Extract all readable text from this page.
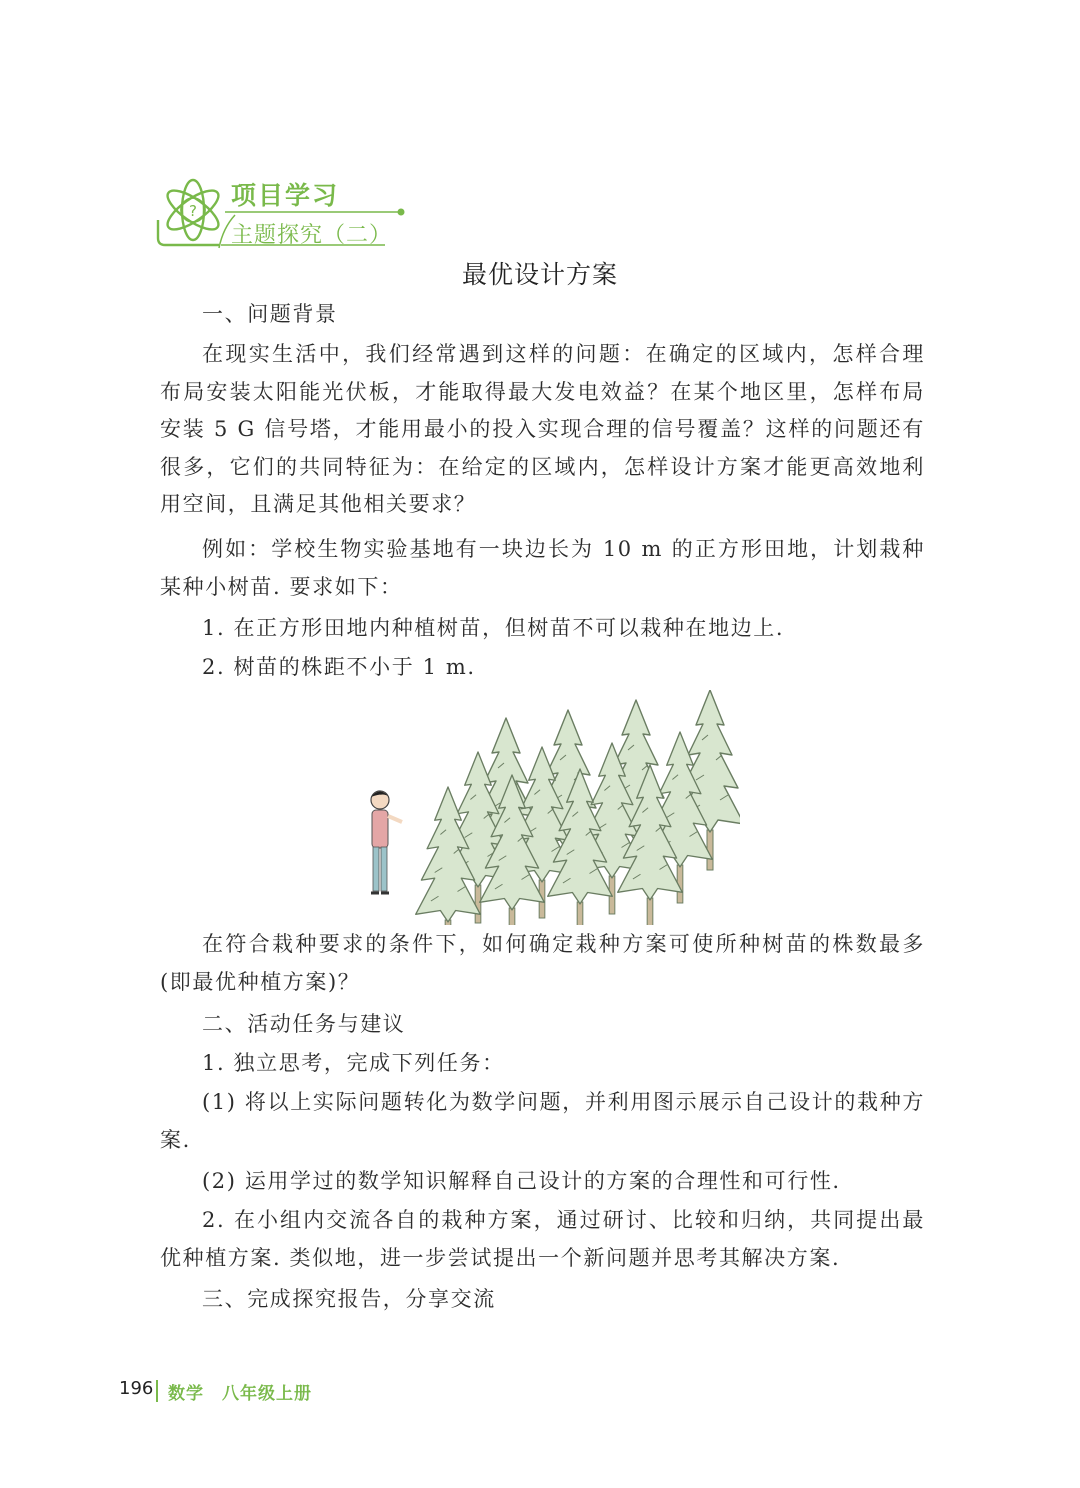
?
项目学习
主题探究（二）
最优设计方案
一、问题背景
在现实生活中，我们经常遇到这样的问题：在确定的区域内，怎样合理布局安装太阳能光伏板，才能取得最大发电效益？在某个地区里，怎样布局安装 5 G 信号塔，才能用最小的投入实现合理的信号覆盖？这样的问题还有很多，它们的共同特征为：在给定的区域内，怎样设计方案才能更高效地利用空间，且满足其他相关要求？
例如：学校生物实验基地有一块边长为 10 m 的正方形田地，计划栽种某种小树苗. 要求如下：
1. 在正方形田地内种植树苗，但树苗不可以栽种在地边上.
2. 树苗的株距不小于 1 m.
在符合栽种要求的条件下，如何确定栽种方案可使所种树苗的株数最多(即最优种植方案)？
二、活动任务与建议
1. 独立思考，完成下列任务：
(1) 将以上实际问题转化为数学问题，并利用图示展示自己设计的栽种方案.
(2) 运用学过的数学知识解释自己设计的方案的合理性和可行性.
2. 在小组内交流各自的栽种方案，通过研讨、比较和归纳，共同提出最优种植方案. 类似地，进一步尝试提出一个新问题并思考其解决方案.
三、完成探究报告，分享交流
196 数学　八年级上册
